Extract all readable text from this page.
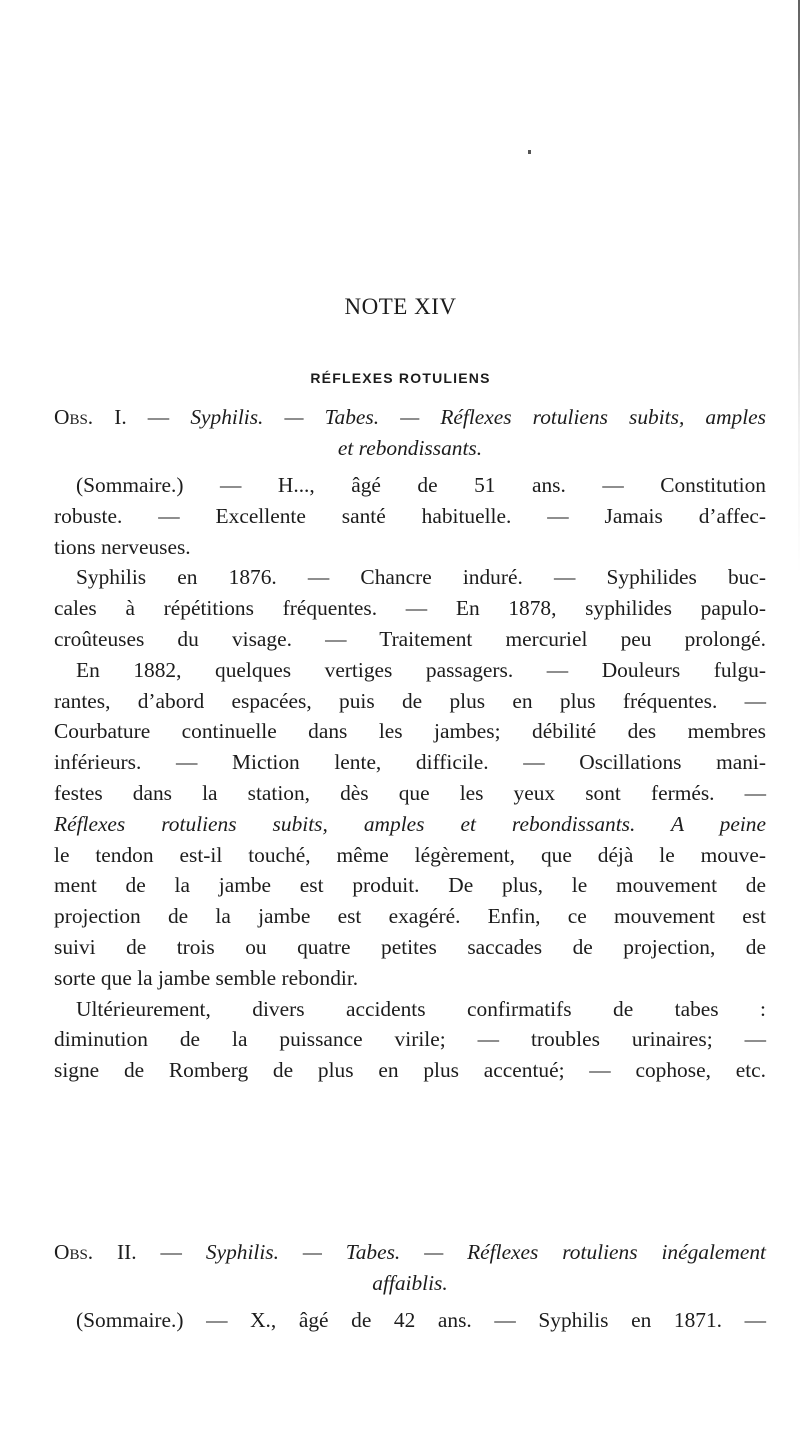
NOTE XIV
RÉFLEXES ROTULIENS
Obs. I. — Syphilis. — Tabes. — Réflexes rotuliens subits, amples
et rebondissants.
(Sommaire.) — H..., âgé de 51 ans. — Constitution
robuste. — Excellente santé habituelle. — Jamais d’affec-
tions nerveuses.
Syphilis en 1876. — Chancre induré. — Syphilides buc-
cales à répétitions fréquentes. — En 1878, syphilides papulo-
croûteuses du visage. — Traitement mercuriel peu prolongé.
En 1882, quelques vertiges passagers. — Douleurs fulgu-
rantes, d’abord espacées, puis de plus en plus fréquentes. —
Courbature continuelle dans les jambes; débilité des membres
inférieurs. — Miction lente, difficile. — Oscillations mani-
festes dans la station, dès que les yeux sont fermés. —
Réflexes rotuliens subits, amples et rebondissants. A peine
le tendon est-il touché, même légèrement, que déjà le mouve-
ment de la jambe est produit. De plus, le mouvement de
projection de la jambe est exagéré. Enfin, ce mouvement est
suivi de trois ou quatre petites saccades de projection, de
sorte que la jambe semble rebondir.
Ultérieurement, divers accidents confirmatifs de tabes :
diminution de la puissance virile; — troubles urinaires; —
signe de Romberg de plus en plus accentué; — cophose, etc.
Obs. II. — Syphilis. — Tabes. — Réflexes rotuliens inégalement
affaiblis.
(Sommaire.) — X., âgé de 42 ans. — Syphilis en 1871. —
